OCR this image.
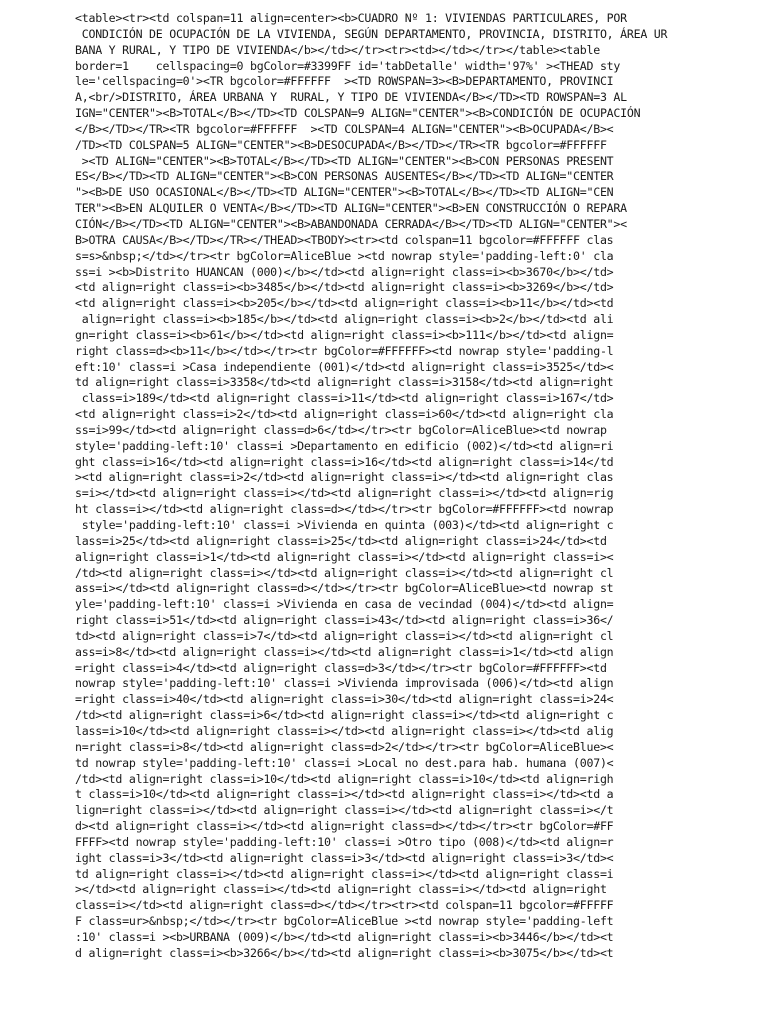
<table><tr><td colspan=11 align=center><b>CUADRO Nº 1: VIVIENDAS PARTICULARES, POR
CONDICIÓN DE OCUPACIÓN DE LA VIVIENDA, SEGÚN DEPARTAMENTO, PROVINCIA, DISTRITO, ÁREA UR
BANA Y RURAL, Y TIPO DE VIVIENDA</b></td></tr><tr><td></td></tr></table><table
border=1    cellspacing=0 bgColor=#3399FF id='tabDetalle' width='97%' ><THEAD sty
le='cellspacing=0'><TR bgcolor=#FFFFFF  ><TD ROWSPAN=3><B>DEPARTAMENTO, PROVINCI
A,<br/>DISTRITO, ÁREA URBANA Y  RURAL, Y TIPO DE VIVIENDA</B></TD><TD ROWSPAN=3 AL
IGN="CENTER"><B>TOTAL</B></TD><TD COLSPAN=9 ALIGN="CENTER"><B>CONDICIÓN DE OCUPACIÓN
</B></TD></TR><TR bgcolor=#FFFFFF  ><TD COLSPAN=4 ALIGN="CENTER"><B>OCUPADA</B><
/TD><TD COLSPAN=5 ALIGN="CENTER"><B>DESOCUPADA</B></TD></TR><TR bgcolor=#FFFFFF
><TD ALIGN="CENTER"><B>TOTAL</B></TD><TD ALIGN="CENTER"><B>CON PERSONAS PRESENT
ES</B></TD><TD ALIGN="CENTER"><B>CON PERSONAS AUSENTES</B></TD><TD ALIGN="CENTER
"><B>DE USO OCASIONAL</B></TD><TD ALIGN="CENTER"><B>TOTAL</B></TD><TD ALIGN="CEN
TER"><B>EN ALQUILER O VENTA</B></TD><TD ALIGN="CENTER"><B>EN CONSTRUCCIÓN O REPARA
CIÓN</B></TD><TD ALIGN="CENTER"><B>ABANDONADA CERRADA</B></TD><TD ALIGN="CENTER"><
B>OTRA CAUSA</B></TD></TR></THEAD><TBODY><tr><td colspan=11 bgcolor=#FFFFFF clas
s=s>&nbsp;</td></tr><tr bgColor=AliceBlue ><td nowrap style='padding-left:0' cla
ss=i ><b>Distrito HUANCAN (000)</b></td><td align=right class=i><b>3670</b></td>
<td align=right class=i><b>3485</b></td><td align=right class=i><b>3269</b></td>
<td align=right class=i><b>205</b></td><td align=right class=i><b>11</b></td><td
align=right class=i><b>185</b></td><td align=right class=i><b>2</b></td><td ali
gn=right class=i><b>61</b></td><td align=right class=i><b>111</b></td><td align=
right class=d><b>11</b></td></tr><tr bgColor=#FFFFFF><td nowrap style='padding-l
eft:10' class=i >Casa independiente (001)</td><td align=right class=i>3525</td><
td align=right class=i>3358</td><td align=right class=i>3158</td><td align=right
class=i>189</td><td align=right class=i>11</td><td align=right class=i>167</td>
<td align=right class=i>2</td><td align=right class=i>60</td><td align=right cla
ss=i>99</td><td align=right class=d>6</td></tr><tr bgColor=AliceBlue><td nowrap
style='padding-left:10' class=i >Departamento en edificio (002)</td><td align=ri
ght class=i>16</td><td align=right class=i>16</td><td align=right class=i>14</td
><td align=right class=i>2</td><td align=right class=i></td><td align=right clas
s=i></td><td align=right class=i></td><td align=right class=i></td><td align=rig
ht class=i></td><td align=right class=d></td></tr><tr bgColor=#FFFFFF><td nowrap
style='padding-left:10' class=i >Vivienda en quinta (003)</td><td align=right c
lass=i>25</td><td align=right class=i>25</td><td align=right class=i>24</td><td
align=right class=i>1</td><td align=right class=i></td><td align=right class=i><
/td><td align=right class=i></td><td align=right class=i></td><td align=right cl
ass=i></td><td align=right class=d></td></tr><tr bgColor=AliceBlue><td nowrap st
yle='padding-left:10' class=i >Vivienda en casa de vecindad (004)</td><td align=
right class=i>51</td><td align=right class=i>43</td><td align=right class=i>36</
td><td align=right class=i>7</td><td align=right class=i></td><td align=right cl
ass=i>8</td><td align=right class=i></td><td align=right class=i>1</td><td align
=right class=i>4</td><td align=right class=d>3</td></tr><tr bgColor=#FFFFFF><td
nowrap style='padding-left:10' class=i >Vivienda improvisada (006)</td><td align
=right class=i>40</td><td align=right class=i>30</td><td align=right class=i>24<
/td><td align=right class=i>6</td><td align=right class=i></td><td align=right c
lass=i>10</td><td align=right class=i></td><td align=right class=i></td><td alig
n=right class=i>8</td><td align=right class=d>2</td></tr><tr bgColor=AliceBlue><
td nowrap style='padding-left:10' class=i >Local no dest.para hab. humana (007)<
/td><td align=right class=i>10</td><td align=right class=i>10</td><td align=righ
t class=i>10</td><td align=right class=i></td><td align=right class=i></td><td a
lign=right class=i></td><td align=right class=i></td><td align=right class=i></t
d><td align=right class=i></td><td align=right class=d></td></tr><tr bgColor=#FF
FFFF><td nowrap style='padding-left:10' class=i >Otro tipo (008)</td><td align=r
ight class=i>3</td><td align=right class=i>3</td><td align=right class=i>3</td><
td align=right class=i></td><td align=right class=i></td><td align=right class=i
></td><td align=right class=i></td><td align=right class=i></td><td align=right
class=i></td><td align=right class=d></td></tr><tr><td colspan=11 bgcolor=#FFFFF
F class=ur>&nbsp;</td></tr><tr bgColor=AliceBlue ><td nowrap style='padding-left
:10' class=i ><b>URBANA (009)</b></td><td align=right class=i><b>3446</b></td><t
d align=right class=i><b>3266</b></td><td align=right class=i><b>3075</b></td><t
